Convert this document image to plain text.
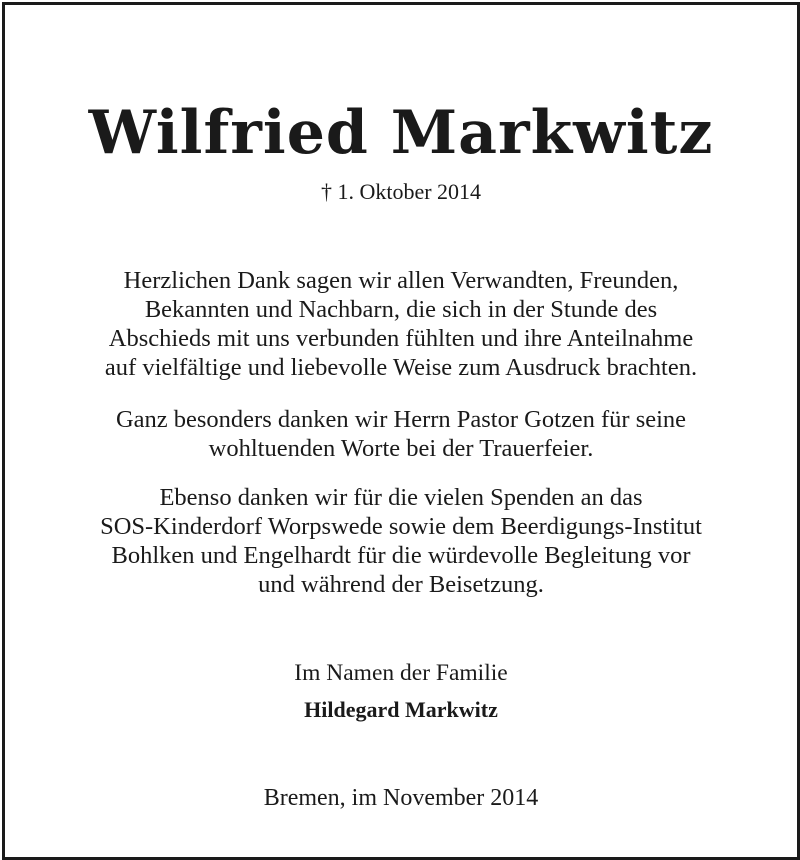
Wilfried Markwitz
† 1. Oktober 2014
Herzlichen Dank sagen wir allen Verwandten, Freunden,
Bekannten und Nachbarn, die sich in der Stunde des
Abschieds mit uns verbunden fühlten und ihre Anteilnahme
auf vielfältige und liebevolle Weise zum Ausdruck brachten.
Ganz besonders danken wir Herrn Pastor Gotzen für seine
wohltuenden Worte bei der Trauerfeier.
Ebenso danken wir für die vielen Spenden an das
SOS-Kinderdorf Worpswede sowie dem Beerdigungs-Institut
Bohlken und Engelhardt für die würdevolle Begleitung vor
und während der Beisetzung.
Im Namen der Familie
Hildegard Markwitz
Bremen, im November 2014
